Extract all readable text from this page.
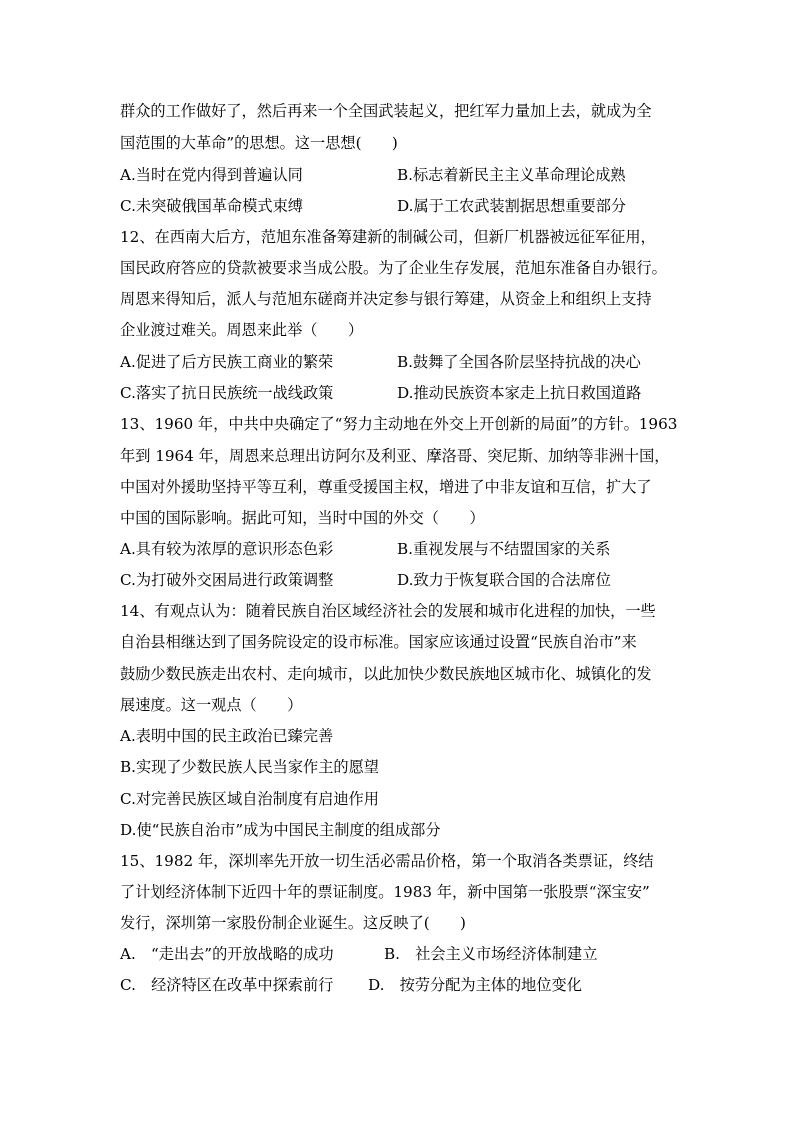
群众的工作做好了，然后再来一个全国武装起义，把红军力量加上去，就成为全
国范围的大革命”的思想。这一思想(　　)
A.当时在党内得到普遍认同	B.标志着新民主主义革命理论成熟
C.未突破俄国革命模式束缚	D.属于工农武装割据思想重要部分
12、在西南大后方，范旭东准备筹建新的制碱公司，但新厂机器被远征军征用，
国民政府答应的贷款被要求当成公股。为了企业生存发展，范旭东准备自办银行。
周恩来得知后，派人与范旭东磋商并决定参与银行筹建，从资金上和组织上支持
企业渡过难关。周恩来此举（　　）
A.促进了后方民族工商业的繁荣	B.鼓舞了全国各阶层坚持抗战的决心
C.落实了抗日民族统一战线政策	D.推动民族资本家走上抗日救国道路
13、1960 年，中共中央确定了“努力主动地在外交上开创新的局面”的方针。1963
年到 1964 年，周恩来总理出访阿尔及利亚、摩洛哥、突尼斯、加纳等非洲十国，
中国对外援助坚持平等互利，尊重受援国主权，增进了中非友谊和互信，扩大了
中国的国际影响。据此可知，当时中国的外交（　　）
A.具有较为浓厚的意识形态色彩	B.重视发展与不结盟国家的关系
C.为打破外交困局进行政策调整	D.致力于恢复联合国的合法席位
14、有观点认为：随着民族自治区域经济社会的发展和城市化进程的加快，一些
自治县相继达到了国务院设定的设市标准。国家应该通过设置“民族自治市”来
鼓励少数民族走出农村、走向城市，以此加快少数民族地区城市化、城镇化的发
展速度。这一观点（　　）
A.表明中国的民主政治已臻完善
B.实现了少数民族人民当家作主的愿望
C.对完善民族区域自治制度有启迪作用
D.使“民族自治市”成为中国民主制度的组成部分
15、1982 年，深圳率先开放一切生活必需品价格，第一个取消各类票证，终结
了计划经济体制下近四十年的票证制度。1983 年，新中国第一张股票“深宝安”
发行，深圳第一家股份制企业诞生。这反映了(　　)
A.　“走出去”的开放战略的成功	B.　社会主义市场经济体制建立
C.　经济特区在改革中探索前行 D.　按劳分配为主体的地位变化
